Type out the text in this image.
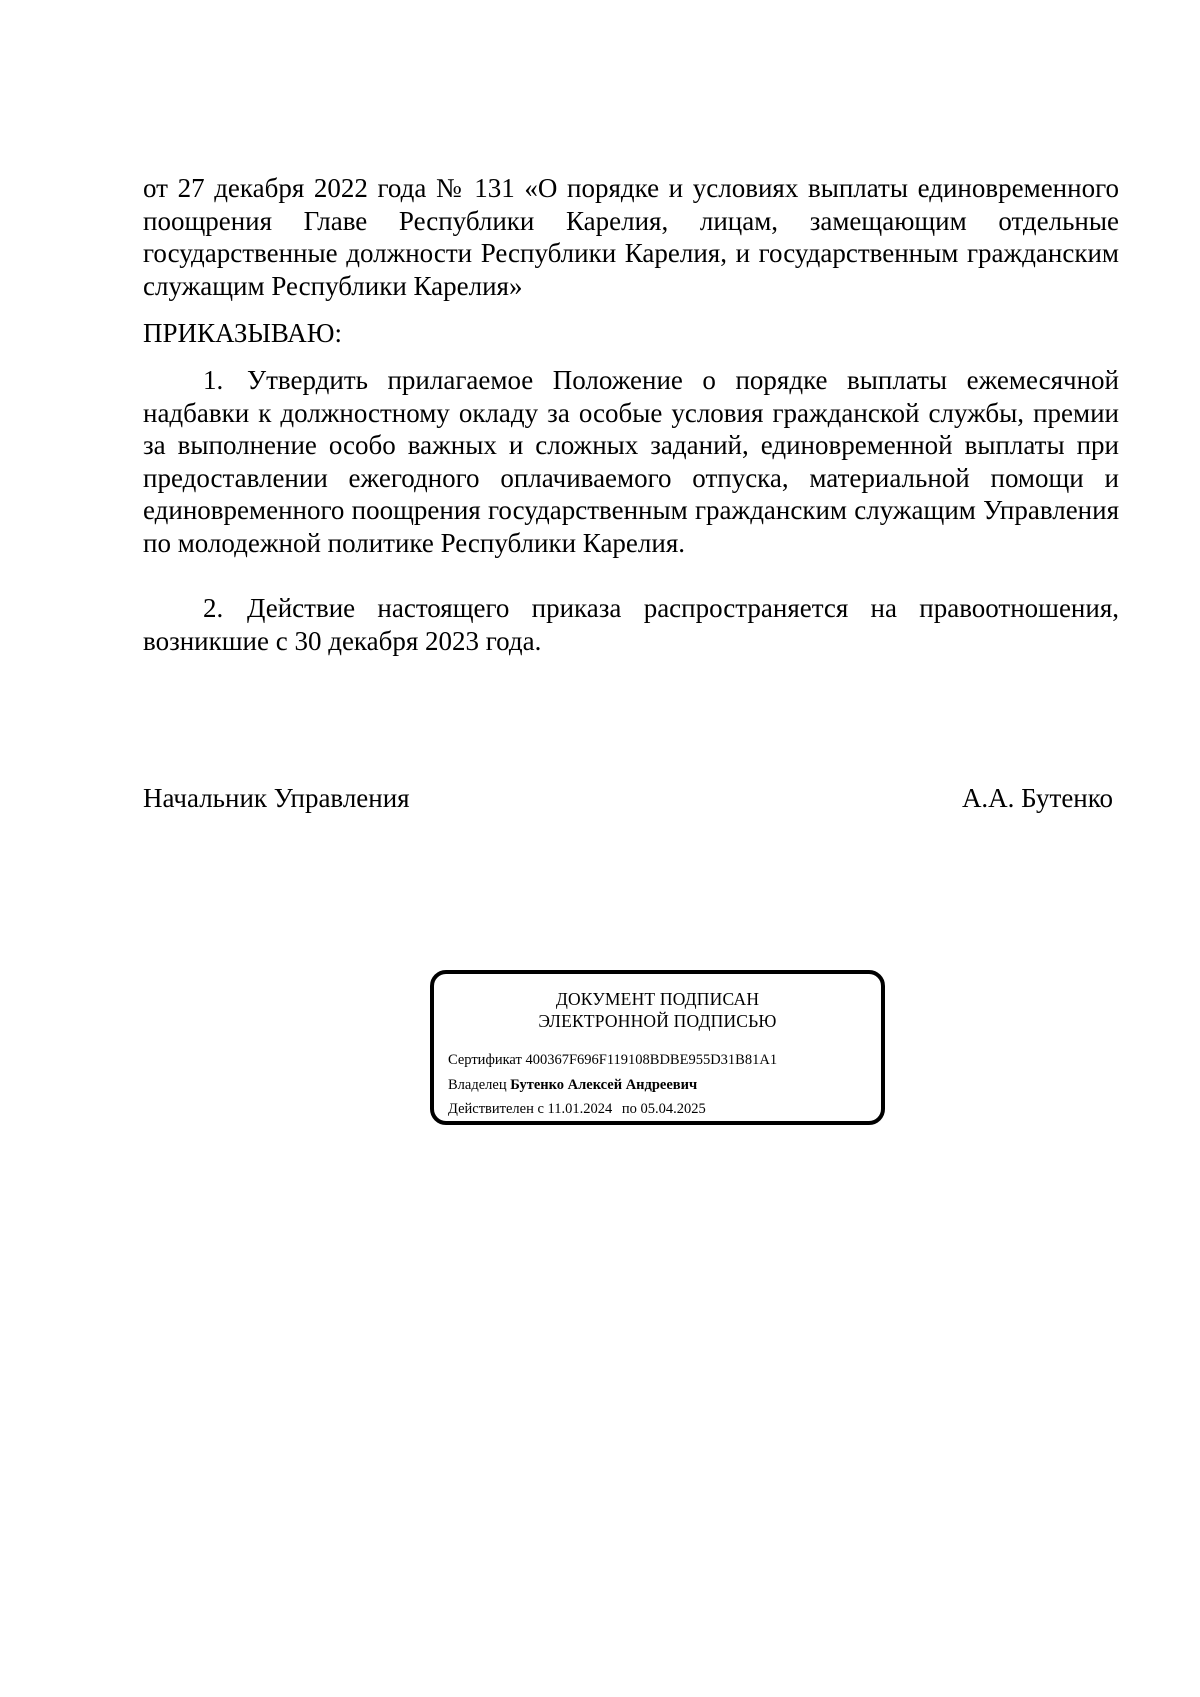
от 27 декабря 2022 года № 131 «О порядке и условиях выплаты единовременного поощрения Главе Республики Карелия, лицам, замещающим отдельные государственные должности Республики Карелия, и государственным гражданским служащим Республики Карелия»

ПРИКАЗЫВАЮ:

1. Утвердить прилагаемое Положение о порядке выплаты ежемесячной надбавки к должностному окладу за особые условия гражданской службы, премии за выполнение особо важных и сложных заданий, единовременной выплаты при предоставлении ежегодного оплачиваемого отпуска, материальной помощи и единовременного поощрения государственным гражданским служащим Управления по молодежной политике Республики Карелия.

2. Действие настоящего приказа распространяется на правоотношения, возникшие с 30 декабря 2023 года.

Начальник Управления	А.А. Бутенко
ДОКУМЕНТ ПОДПИСАН
ЭЛЕКТРОННОЙ ПОДПИСЬЮ
Сертификат 400367F696F119108BDBE955D31B81A1
Владелец Бутенко Алексей Андреевич
Действителен с 11.01.2024 по 05.04.2025
